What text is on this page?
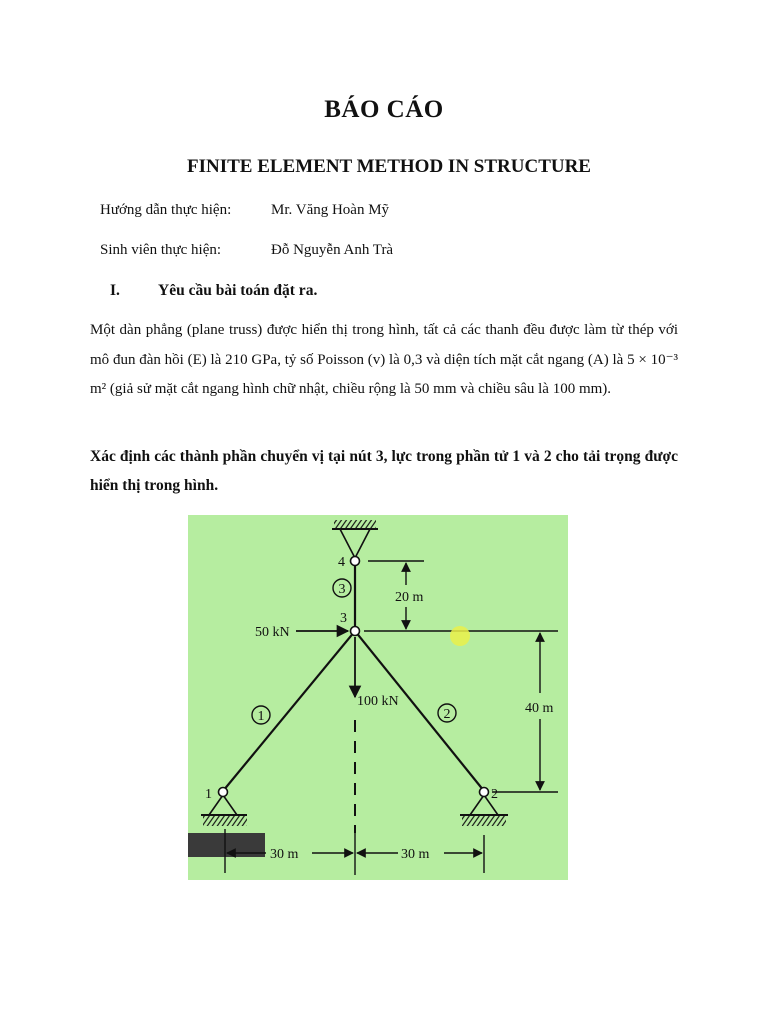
BÁO CÁO
FINITE ELEMENT METHOD IN STRUCTURE
Hướng dẫn thực hiện:	Mr. Văng Hoàn Mỹ
Sinh viên thực hiện:	Đỗ Nguyễn Anh Trà
I. Yêu cầu bài toán đặt ra.

Một dàn phẳng (plane truss) được hiển thị trong hình, tất cả các thanh đều được làm từ thép với mô đun đàn hồi (E) là 210 GPa, tỷ số Poisson (v) là 0,3 và diện tích mặt cắt ngang (A) là 5 × 10⁻³ m² (giả sử mặt cắt ngang hình chữ nhật, chiều rộng là 50 mm và chiều sâu là 100 mm).

Xác định các thành phần chuyển vị tại nút 3, lực trong phần tử 1 và 2 cho tải trọng được hiển thị trong hình.

4
3
1	2
3
1	2
50 kN
100 kN
20 m
40 m
30 m	30 m
